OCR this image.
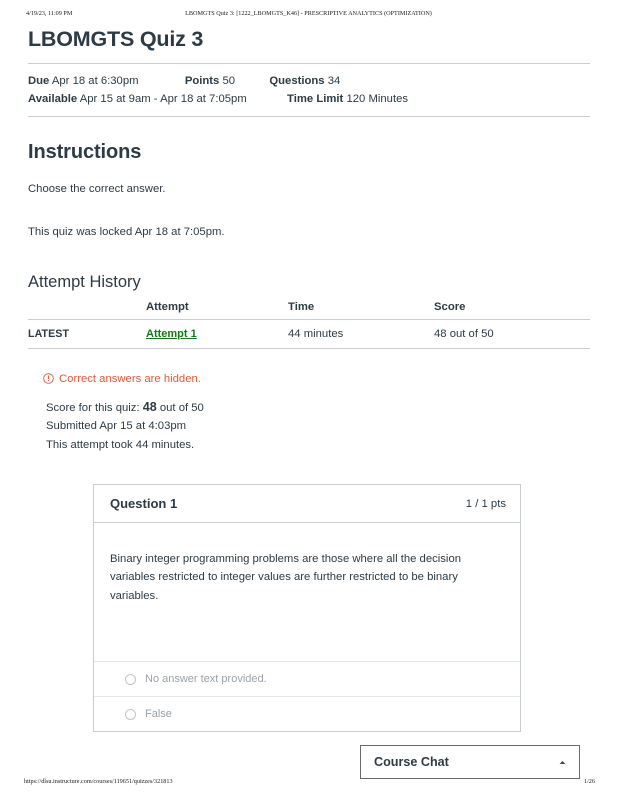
4/19/23, 11:09 PM	LBOMGTS Quiz 3: [1222_LBOMGTS_K46] - PRESCRIPTIVE ANALYTICS (OPTIMIZATION)
LBOMGTS Quiz 3
Due Apr 18 at 6:30pm	Points 50	Questions 34
Available Apr 15 at 9am - Apr 18 at 7:05pm	Time Limit 120 Minutes
Instructions

Choose the correct answer.

This quiz was locked Apr 18 at 7:05pm.

Attempt History
	Attempt	Time	Score
LATEST	Attempt 1	44 minutes	48 out of 50
Correct answers are hidden.
Score for this quiz: 48 out of 50
Submitted Apr 15 at 4:03pm
This attempt took 44 minutes.
Question 1	1 / 1 pts

Binary integer programming problems are those where all the decision variables restricted to integer values are further restricted to be binary variables.

No answer text provided.
False
Course Chat
https://dlsu.instructure.com/courses/119651/quizzes/321813	1/26
